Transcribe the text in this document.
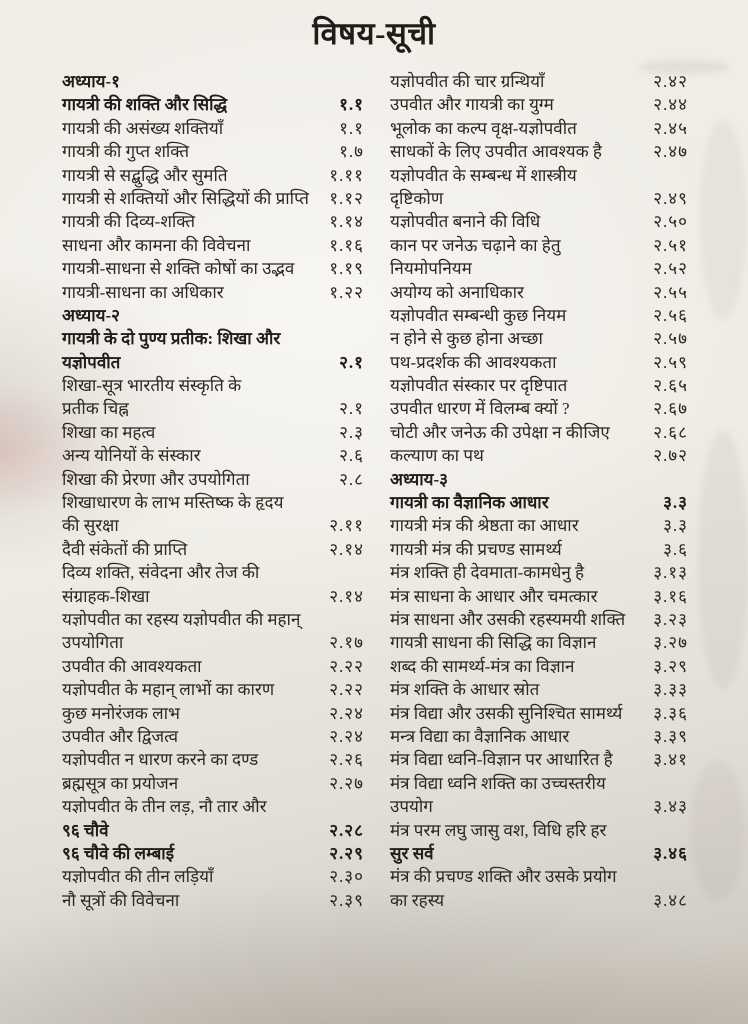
विषय-सूची
अध्याय-१
गायत्री की शक्ति और सिद्धि	१.१
गायत्री की असंख्य शक्तियाँ	१.१
गायत्री की गुप्त शक्ति	१.७
गायत्री से सद्बुद्धि और सुमति	१.११
गायत्री से शक्तियों और सिद्धियों की प्राप्ति १.१२
गायत्री की दिव्य-शक्ति	१.१४
साधना और कामना की विवेचना	१.१६
गायत्री-साधना से शक्ति कोषों का उद्भव १.१९
गायत्री-साधना का अधिकार	१.२२
अध्याय-२
गायत्री के दो पुण्य प्रतीक: शिखा और
यज्ञोपवीत	२.१
शिखा-सूत्र भारतीय संस्कृति के
प्रतीक चिह्न	२.१
शिखा का महत्व	२.३
अन्य योनियों के संस्कार	२.६
शिखा की प्रेरणा और उपयोगिता	२.८
शिखाधारण के लाभ मस्तिष्क के हृदय
की सुरक्षा	२.११
दैवी संकेतों की प्राप्ति	२.१४
दिव्य शक्ति, संवेदना और तेज की
संग्राहक-शिखा	२.१४
यज्ञोपवीत का रहस्य यज्ञोपवीत की महान्
उपयोगिता	२.१७
उपवीत की आवश्यकता	२.२२
यज्ञोपवीत के महान् लाभों का कारण	२.२२
कुछ मनोरंजक लाभ	२.२४
उपवीत और द्विजत्व	२.२४
यज्ञोपवीत न धारण करने का दण्ड	२.२६
ब्रह्मसूत्र का प्रयोजन	२.२७
यज्ञोपवीत के तीन लड़, नौ तार और
९६ चौवे	२.२८
९६ चौवे की लम्बाई	२.२९
यज्ञोपवीत की तीन लड़ियाँ	२.३०
नौ सूत्रों की विवेचना	२.३९
यज्ञोपवीत की चार ग्रन्थियाँ	२.४२
उपवीत और गायत्री का युग्म	२.४४
भूलोक का कल्प वृक्ष-यज्ञोपवीत	२.४५
साधकों के लिए उपवीत आवश्यक है	२.४७
यज्ञोपवीत के सम्बन्ध में शास्त्रीय
दृष्टिकोण	२.४९
यज्ञोपवीत बनाने की विधि	२.५०
कान पर जनेऊ चढ़ाने का हेतु	२.५१
नियमोपनियम	२.५२
अयोग्य को अनाधिकार	२.५५
यज्ञोपवीत सम्बन्धी कुछ नियम	२.५६
न होने से कुछ होना अच्छा	२.५७
पथ-प्रदर्शक की आवश्यकता	२.५९
यज्ञोपवीत संस्कार पर दृष्टिपात	२.६५
उपवीत धारण में विलम्ब क्यों ?	२.६७
चोटी और जनेऊ की उपेक्षा न कीजिए	२.६८
कल्याण का पथ	२.७२
अध्याय-३
गायत्री का वैज्ञानिक आधार	३.३
गायत्री मंत्र की श्रेष्ठता का आधार	३.३
गायत्री मंत्र की प्रचण्ड सामर्थ्य	३.६
मंत्र शक्ति ही देवमाता-कामधेनु है	३.१३
मंत्र साधना के आधार और चमत्कार	३.१६
मंत्र साधना और उसकी रहस्यमयी शक्ति ३.२३
गायत्री साधना की सिद्धि का विज्ञान	३.२७
शब्द की सामर्थ्य-मंत्र का विज्ञान	३.२९
मंत्र शक्ति के आधार स्रोत	३.३३
मंत्र विद्या और उसकी सुनिश्चित सामर्थ्य ३.३६
मन्त्र विद्या का वैज्ञानिक आधार	३.३९
मंत्र विद्या ध्वनि-विज्ञान पर आधारित है ३.४१
मंत्र विद्या ध्वनि शक्ति का उच्चस्तरीय
उपयोग	३.४३
मंत्र परम लघु जासु वश, विधि हरि हर
सुर सर्व	३.४६
मंत्र की प्रचण्ड शक्ति और उसके प्रयोग
का रहस्य	३.४८
